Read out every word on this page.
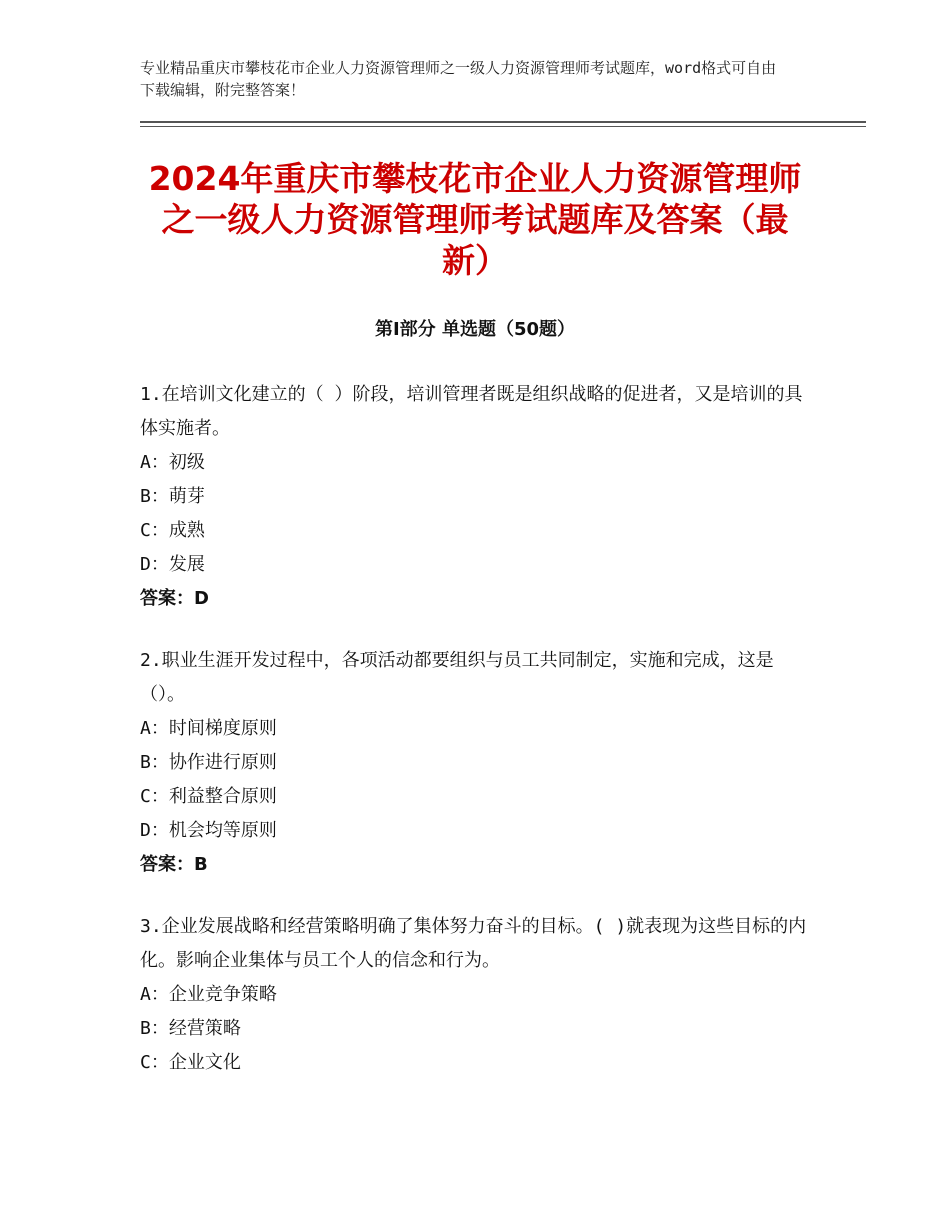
专业精品重庆市攀枝花市企业人力资源管理师之一级人力资源管理师考试题库，word格式可自由下载编辑，附完整答案！
2024年重庆市攀枝花市企业人力资源管理师之一级人力资源管理师考试题库及答案（最新）
第Ⅰ部分 单选题（50题）
1.在培训文化建立的（ ）阶段，培训管理者既是组织战略的促进者，又是培训的具体实施者。
A：初级
B：萌芽
C：成熟
D：发展
答案：D
2.职业生涯开发过程中，各项活动都要组织与员工共同制定，实施和完成，这是（）。
A：时间梯度原则
B：协作进行原则
C：利益整合原则
D：机会均等原则
答案：B
3.企业发展战略和经营策略明确了集体努力奋斗的目标。( )就表现为这些目标的内化。影响企业集体与员工个人的信念和行为。
A：企业竞争策略
B：经营策略
C：企业文化
